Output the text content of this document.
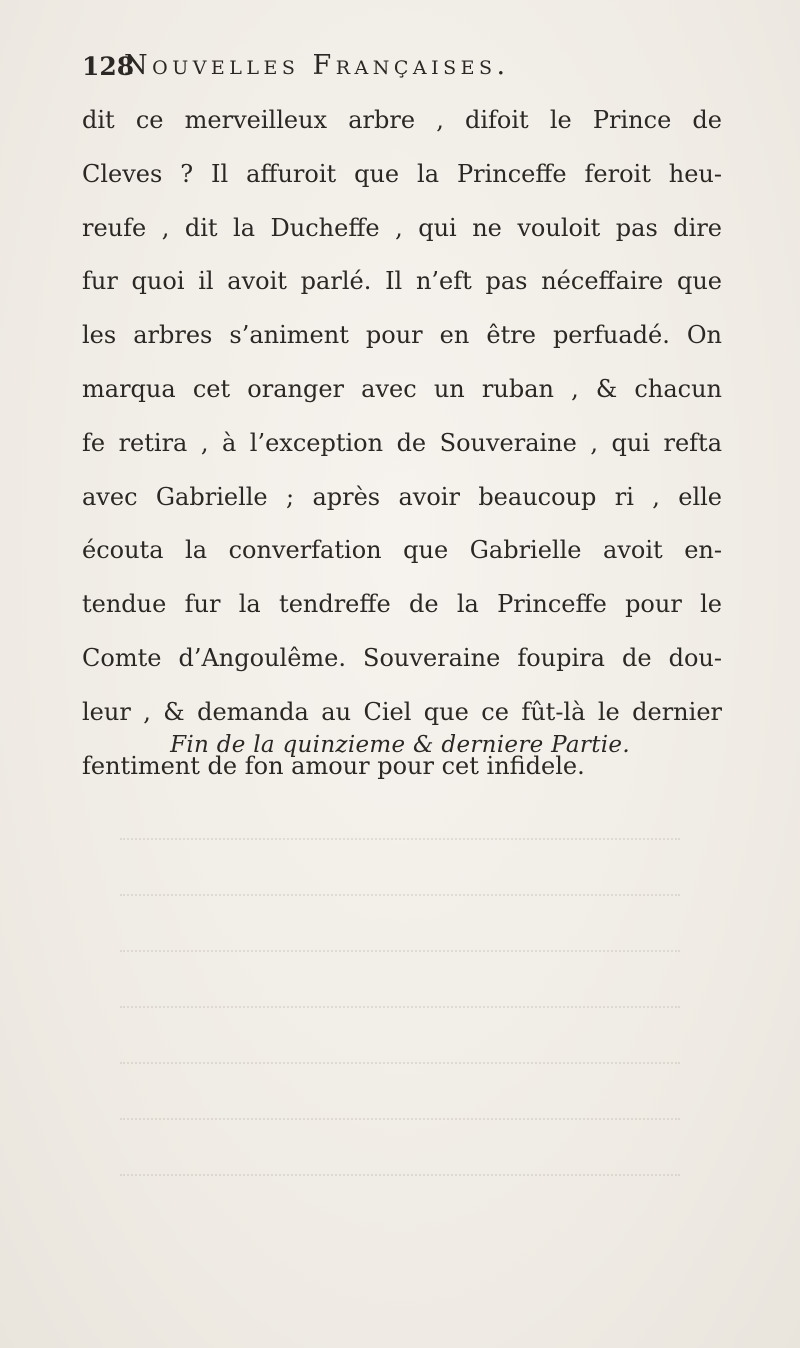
128
Nouvelles Françaises.
dit ce merveilleux arbre , difoit le Prince de
Cleves ? Il affuroit que la Princeffe feroit heu-
reufe , dit la Ducheffe , qui ne vouloit pas dire
fur quoi il avoit parlé. Il n’eft pas néceffaire que
les arbres s’animent pour en être perfuadé. On
marqua cet oranger avec un ruban , & chacun
fe retira , à l’exception de Souveraine , qui refta
avec Gabrielle ; après avoir beaucoup ri , elle
écouta la converfation que Gabrielle avoit en-
tendue fur la tendreffe de la Princeffe pour le
Comte d’Angoulême. Souveraine foupira de dou-
leur , & demanda au Ciel que ce fût-là le dernier
fentiment de fon amour pour cet infidele.
Fin de la quinzieme & derniere Partie.
